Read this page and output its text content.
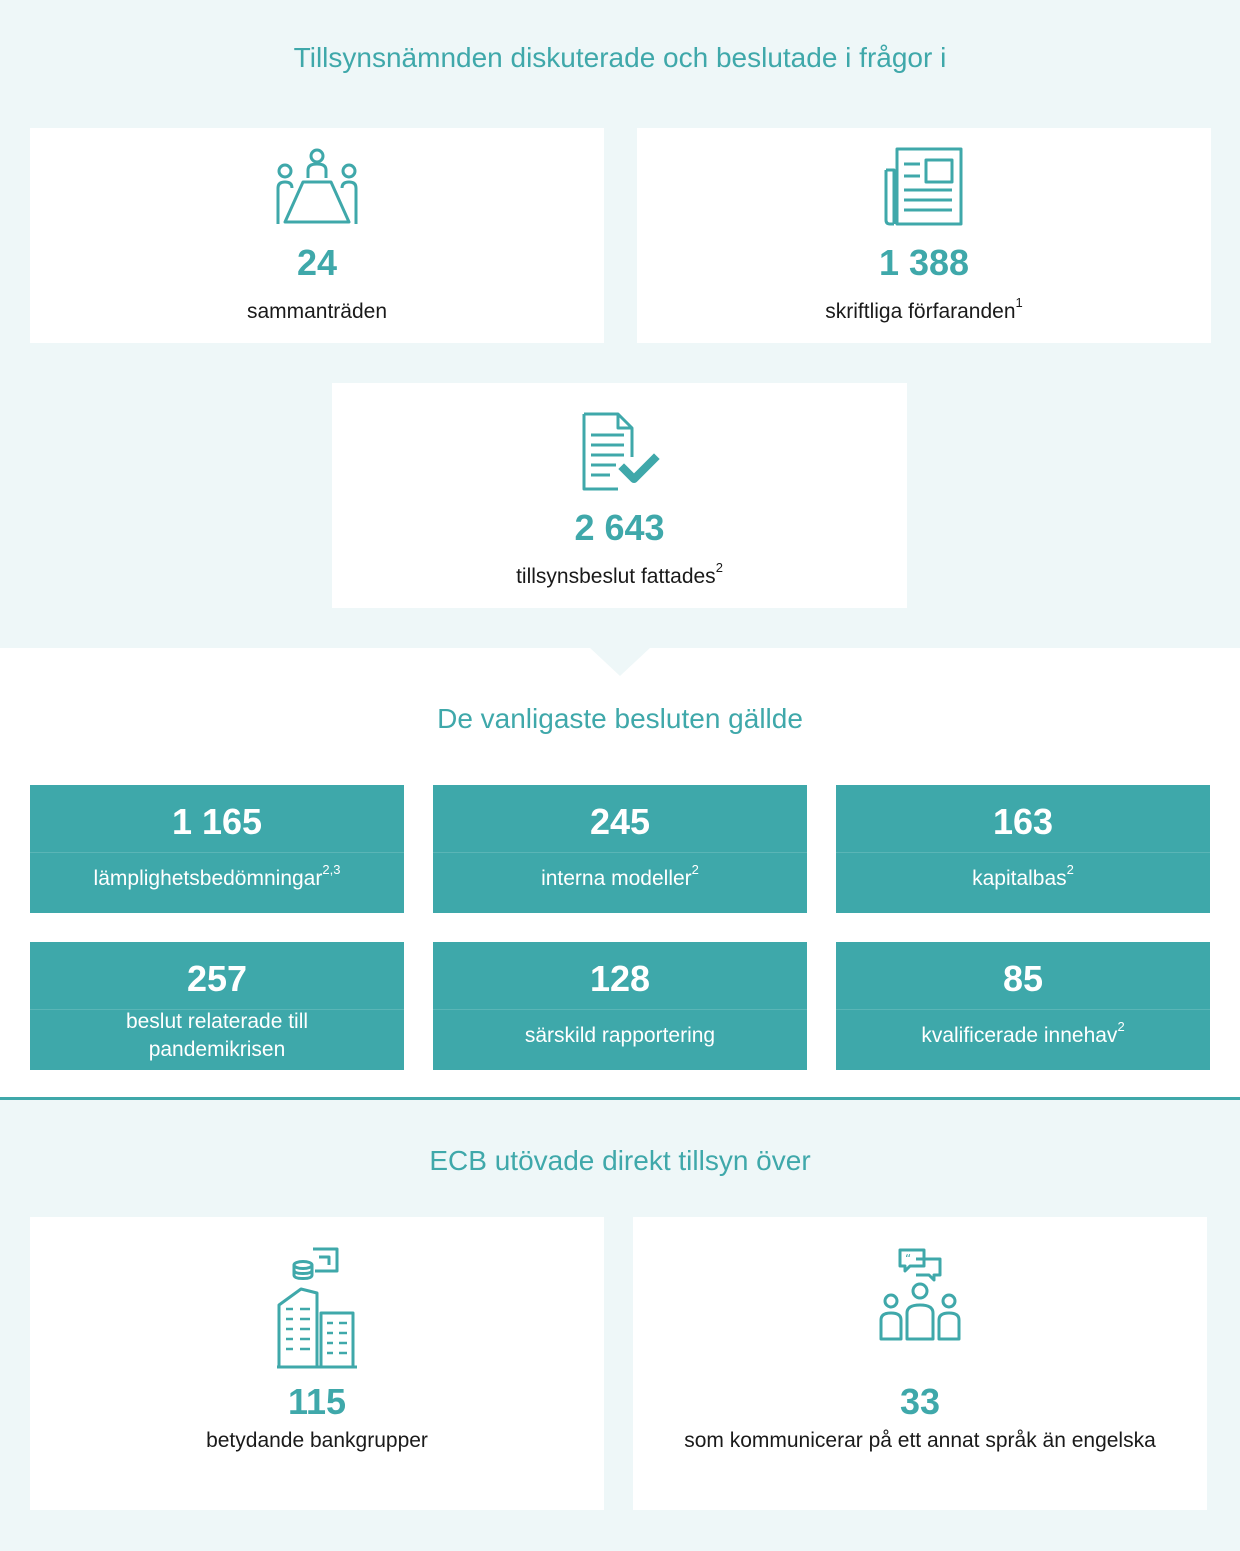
Tillsynsnämnden diskuterade och beslutade i frågor i
24
sammanträden
1 388
skriftliga förfaranden$^1$
2 643
tillsynsbeslut fattades$^2$
De vanligaste besluten gällde
1 165
lämplighetsbedömningar$^{2,3}$
245
interna modeller$^2$
163
kapitalbas$^2$
257
beslut relaterade till
pandemikrisen
128
särskild rapportering
85
kvalificerade innehav$^2$
ECB utövade direkt tillsyn över
115
betydande bankgrupper
“
33
som kommunicerar på ett annat språk än engelska
